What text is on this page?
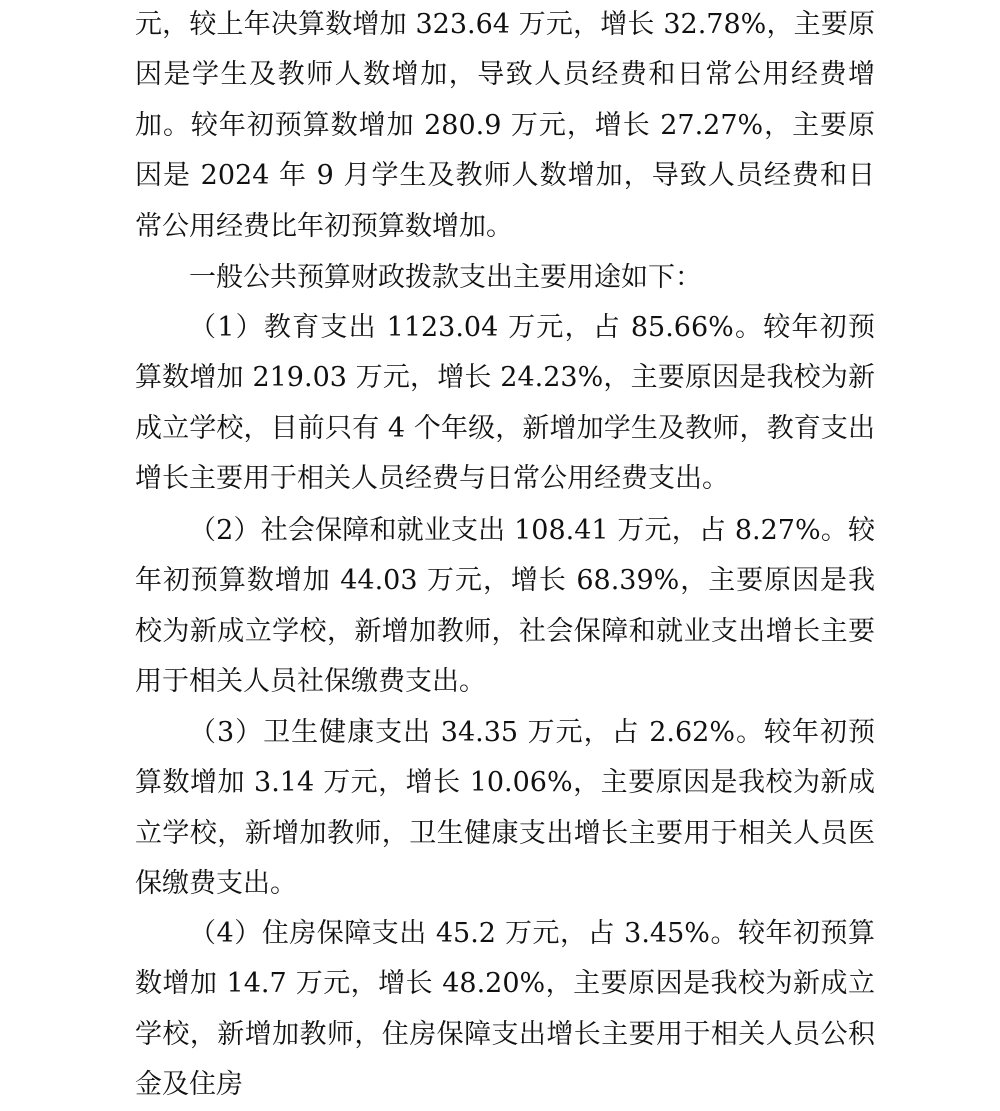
元，较上年决算数增加 323.64 万元，增长 32.78%，主要原因是学生及教师人数增加，导致人员经费和日常公用经费增加。较年初预算数增加 280.9 万元，增长 27.27%，主要原因是 2024 年 9 月学生及教师人数增加，导致人员经费和日常公用经费比年初预算数增加。

一般公共预算财政拨款支出主要用途如下：

（1）教育支出 1123.04 万元，占 85.66%。较年初预算数增加 219.03 万元，增长 24.23%，主要原因是我校为新成立学校，目前只有 4 个年级，新增加学生及教师，教育支出增长主要用于相关人员经费与日常公用经费支出。

（2）社会保障和就业支出 108.41 万元，占 8.27%。较年初预算数增加 44.03 万元，增长 68.39%，主要原因是我校为新成立学校，新增加教师，社会保障和就业支出增长主要用于相关人员社保缴费支出。

（3）卫生健康支出 34.35 万元，占 2.62%。较年初预算数增加 3.14 万元，增长 10.06%，主要原因是我校为新成立学校，新增加教师，卫生健康支出增长主要用于相关人员医保缴费支出。

（4）住房保障支出 45.2 万元，占 3.45%。较年初预算数增加 14.7 万元，增长 48.20%，主要原因是我校为新成立学校，新增加教师，住房保障支出增长主要用于相关人员公积金及住房
